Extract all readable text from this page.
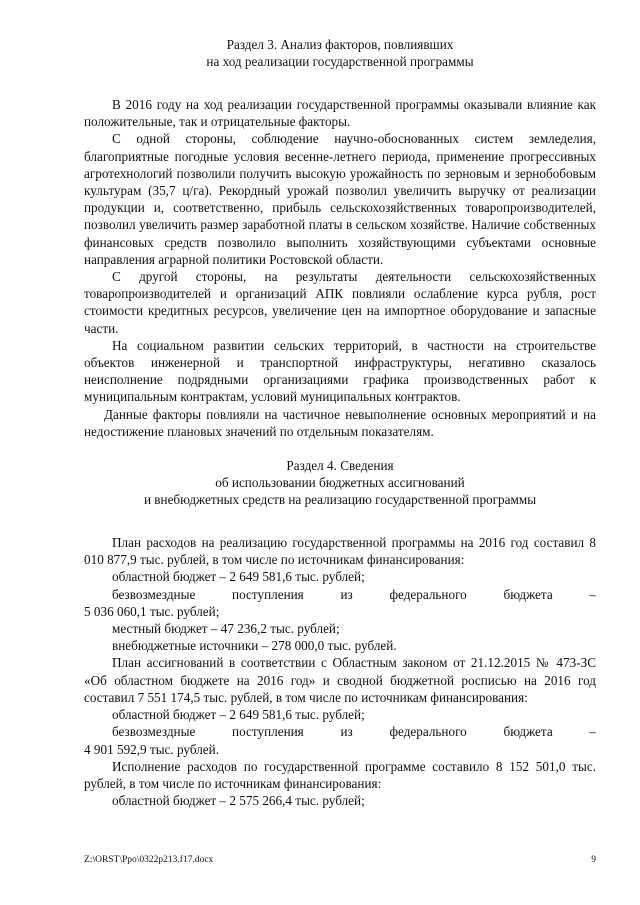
Раздел 3. Анализ факторов, повлиявших
на ход реализации государственной программы

В 2016 году на ход реализации государственной программы оказывали влияние как положительные, так и отрицательные факторы.

С одной стороны, соблюдение научно-обоснованных систем земледелия, благоприятные погодные условия весенне-летнего периода, применение прогрессивных агротехнологий позволили получить высокую урожайность по зерновым и зернобобовым культурам (35,7 ц/га). Рекордный урожай позволил увеличить выручку от реализации продукции и, соответственно, прибыль сельскохозяйственных товаропроизводителей, позволил увеличить размер заработной платы в сельском хозяйстве. Наличие собственных финансовых средств позволило выполнить хозяйствующими субъектами основные направления аграрной политики Ростовской области.

С другой стороны, на результаты деятельности сельскохозяйственных товаропроизводителей и организаций АПК повлияли ослабление курса рубля, рост стоимости кредитных ресурсов, увеличение цен на импортное оборудование и запасные части.

На социальном развитии сельских территорий, в частности на строительстве объектов инженерной и транспортной инфраструктуры, негативно сказалось неисполнение подрядными организациями графика производственных работ к муниципальным контрактам, условий муниципальных контрактов.

Данные факторы повлияли на частичное невыполнение основных мероприятий и на недостижение плановых значений по отдельным показателям.

Раздел 4. Сведения
об использовании бюджетных ассигнований
и внебюджетных средств на реализацию государственной программы

План расходов на реализацию государственной программы на 2016 год составил 8 010 877,9 тыс. рублей, в том числе по источникам финансирования:

областной бюджет – 2 649 581,6 тыс. рублей;

безвозмездные поступления из федерального бюджета –

5 036 060,1 тыс. рублей;

местный бюджет – 47 236,2 тыс. рублей;

внебюджетные источники – 278 000,0 тыс. рублей.

План ассигнований в соответствии с Областным законом от 21.12.2015 № 473-ЗС «Об областном бюджете на 2016 год» и сводной бюджетной росписью на 2016 год составил 7 551 174,5 тыс. рублей, в том числе по источникам финансирования:

областной бюджет – 2 649 581,6 тыс. рублей;

безвозмездные поступления из федерального бюджета –

4 901 592,9 тыс. рублей.

Исполнение расходов по государственной программе составило 8 152 501,0 тыс. рублей, в том числе по источникам финансирования:

областной бюджет – 2 575 266,4 тыс. рублей;

Z:\ORST\Ppo\0322p213.f17.docx	9
